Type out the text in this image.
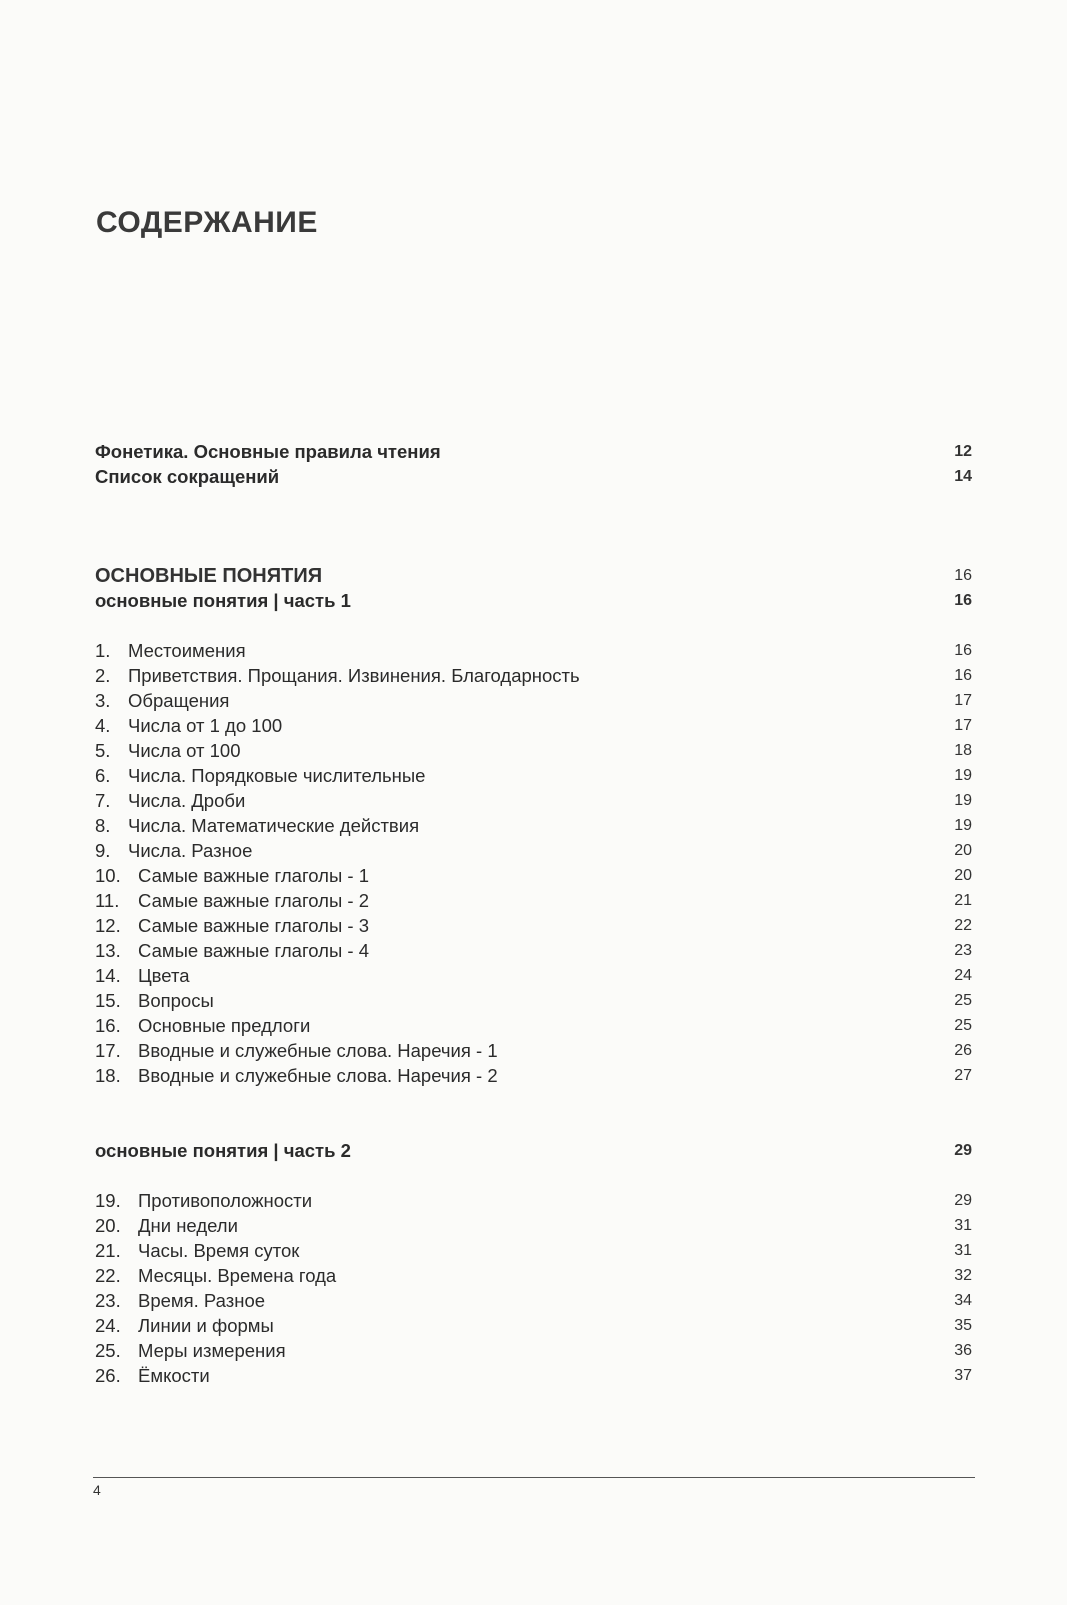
СОДЕРЖАНИЕ
Фонетика. Основные правила чтения	12
Список сокращений	14
ОСНОВНЫЕ ПОНЯТИЯ	16
основные понятия | часть 1	16
1. Местоимения	16
2. Приветствия. Прощания. Извинения. Благодарность	16
3. Обращения	17
4. Числа от 1 до 100	17
5. Числа от 100	18
6. Числа. Порядковые числительные	19
7. Числа. Дроби	19
8. Числа. Математические действия	19
9. Числа. Разное	20
10. Самые важные глаголы - 1	20
11. Самые важные глаголы - 2	21
12. Самые важные глаголы - 3	22
13. Самые важные глаголы - 4	23
14. Цвета	24
15. Вопросы	25
16. Основные предлоги	25
17. Вводные и служебные слова. Наречия - 1	26
18. Вводные и служебные слова. Наречия - 2	27
основные понятия | часть 2	29
19. Противоположности	29
20. Дни недели	31
21. Часы. Время суток	31
22. Месяцы. Времена года	32
23. Время. Разное	34
24. Линии и формы	35
25. Меры измерения	36
26. Ёмкости	37
4
